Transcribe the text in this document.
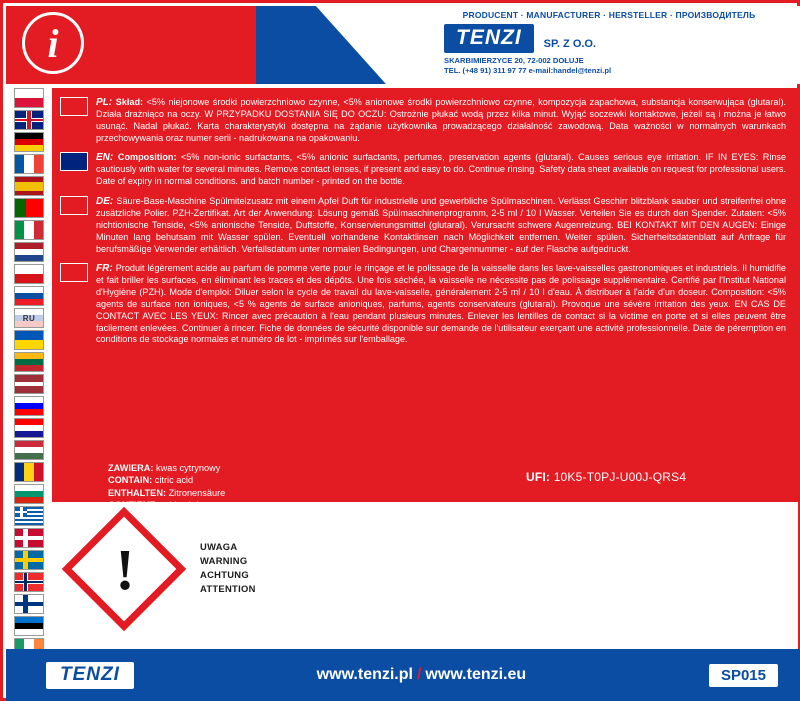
i
PRODUCENT · MANUFACTURER · HERSTELLER · ПРОИЗВОДИТЕЛЬ
TENZI	SP. Z O.O.
SKARBIMIERZYCE 20, 72-002 DOŁUJE
TEL. (+48 91) 311 97 77 e-mail:handel@tenzi.pl
RU
PL: Skład: <5% niejonowe środki powierzchniowo czynne, <5% anionowe środki powierzchniowo czynne, kompozycja zapachowa, substancja konserwująca (glutaral). Działa drażniąco na oczy. W PRZYPADKU DOSTANIA SIĘ DO OCZU: Ostrożnie płukać wodą przez kilka minut. Wyjąć soczewki kontaktowe, jeżeli są i można je łatwo usunąć. Nadal płukać. Karta charakterystyki dostępna na żądanie użytkownika prowadzącego działalność zawodową. Data ważności w normalnych warunkach przechowywania oraz numer serii - nadrukowana na opakowaniu.
EN: Composition: <5% non-ionic surfactants, <5% anionic surfactants, perfumes, preservation agents (glutaral). Causes serious eye irritation. IF IN EYES: Rinse cautiously with water for several minutes. Remove contact lenses, if present and easy to do. Continue rinsing. Safety data sheet available on request for professional users. Date of expiry in normal conditions. and batch number - printed on the bottle.
DE: Säure-Base-Maschine Spülmitelzusatz mit einem Apfel Duft für industrielle und gewerbliche Spülmaschinen. Verlässt Geschirr blitzblank sauber und streifenfrei ohne zusätzliche Polier. PZH-Zertifikat. Art der Anwendung: Lösung gemäß Spülmaschinenprogramm, 2-5 ml / 10 l Wasser. Verteilen Sie es durch den Spender. Zutaten: <5% nichtionische Tenside, <5% anionische Tenside, Duftstoffe, Konservierungsmittel (glutaral). Verursacht schwere Augenreizung. BEI KONTAKT MIT DEN AUGEN: Einige Minuten lang behutsam mit Wasser spülen. Eventuell vorhandene Kontaktlinsen nach Möglichkeit entfernen. Weiter spülen. Sicherheitsdatenblatt auf Anfrage für berufsmäßige Verwender erhältlich. Verfallsdatum unter normalen Bedingungen, und Chargennummer - auf der Flasche aufgedruckt.
FR: Produit légèrement acide au parfum de pomme verte pour le rinçage et le polissage de la vaisselle dans les lave-vaisselles gastronomiques et industriels. Il humidifie et fait briller les surfaces, en éliminant les traces et des dépôts. Une fois séchée, la vaisselle ne nécessite pas de polissage supplémentaire. Certifié par l'Institut National d'Hygiène (PZH). Mode d'emploi: Diluer selon le cycle de travail du lave-vaisselle, généralement 2-5 ml / 10 l d'eau. À distribuer à l'aide d'un doseur. Composition: <5% agents de surface non ioniques, <5 % agents de surface anioniques, parfums, agents conservateurs (glutaral). Provoque une sévère irritation des yeux. EN CAS DE CONTACT AVEC LES YEUX: Rincer avec précaution à l'eau pendant plusieurs minutes. Enlever les lentilles de contact si la victime en porte et si elles peuvent être facilement enlevées. Continuer à rincer. Fiche de données de sécurité disponible sur demande de l'utilisateur exerçant une activité professionnelle. Date de péremption en conditions de stockage normales et numéro de lot - imprimés sur l'emballage.
ZAWIERA: kwas cytrynowy
CONTAIN: citric acid
ENTHALTEN: Zitronensäure
UFI: 10K5-T0PJ-U00J-QRS4
!	UWAGA
WARNING
ACHTUNG
ATTENTION
TENZI	www.tenzi.pl / www.tenzi.eu	SP015
